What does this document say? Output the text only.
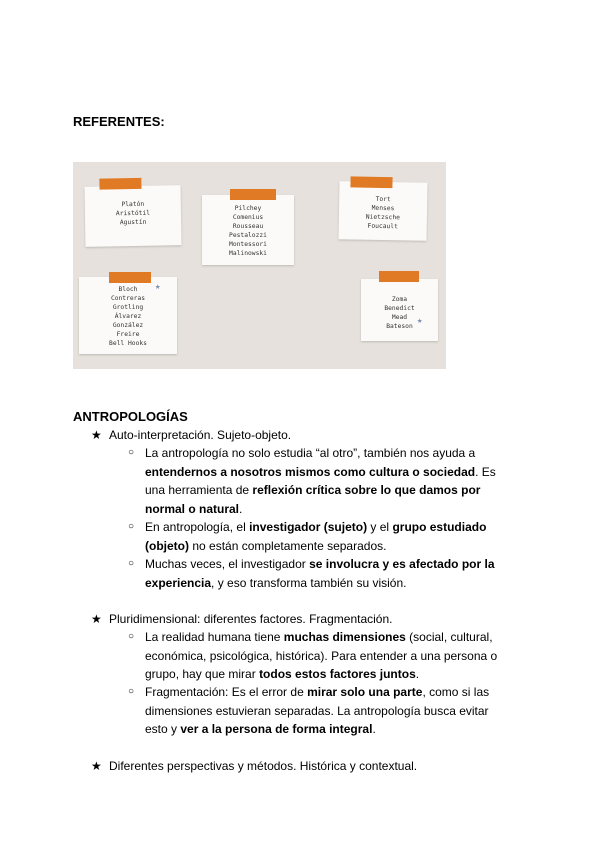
REFERENTES:
Platón
Aristótil
Agustín
Pilchey
Comenius
Rousseau
Pestalozzi
Montessori
Malinowski
Tort
Menses
Nietzsche
Foucault
Bloch
Contreras
Grotling
Álvarez
González
Freire
Bell Hooks
★
Zoma
Benedict
Mead
Bateson
★
ANTROPOLOGÍAS
★ Auto-interpretación. Sujeto-objeto.
○ La antropología no solo estudia “al otro”, también nos ayuda a entendernos a nosotros mismos como cultura o sociedad. Es una herramienta de reflexión crítica sobre lo que damos por normal o natural.
○ En antropología, el investigador (sujeto) y el grupo estudiado (objeto) no están completamente separados.
○ Muchas veces, el investigador se involucra y es afectado por la experiencia, y eso transforma también su visión.
★ Pluridimensional: diferentes factores. Fragmentación.
○ La realidad humana tiene muchas dimensiones (social, cultural, económica, psicológica, histórica). Para entender a una persona o grupo, hay que mirar todos estos factores juntos.
○ Fragmentación: Es el error de mirar solo una parte, como si las dimensiones estuvieran separadas. La antropología busca evitar esto y ver a la persona de forma integral.
★ Diferentes perspectivas y métodos. Histórica y contextual.
